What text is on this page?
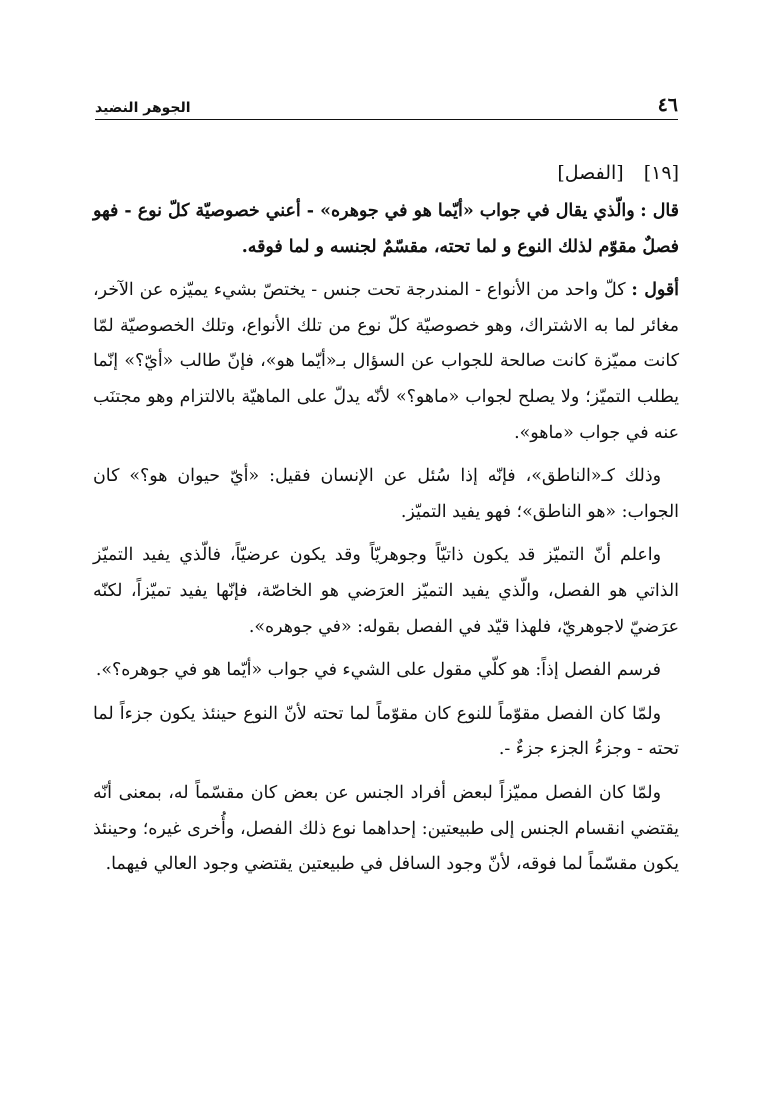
٤٦
الجوهر النضيد
[١٩] [الفصل]

قال : والّذي يقال في جواب «أيّما هو في جوهره» - أعني خصوصيّة كلّ نوع - فهو فصلٌ مقوّم لذلك النوع و لما تحته، مقسّمٌ لجنسه و لما فوقه.

أقول : كلّ واحد من الأنواع - المندرجة تحت جنس - يختصّ بشيء يميّزه عن الآخر، مغائر لما به الاشتراك، وهو خصوصيّة كلّ نوع من تلك الأنواع، وتلك الخصوصيّة لمّا كانت مميّزة كانت صالحة للجواب عن السؤال بـ«أيّما هو»، فإنّ طالب «أيّ؟» إنّما يطلب التميّز؛ ولا يصلح لجواب «ماهو؟» لأنّه يدلّ على الماهيّة بالالتزام وهو مجتنَب عنه في جواب «ماهو».

وذلك كـ«الناطق»، فإنّه إذا سُئل عن الإنسان فقيل: «أيّ حيوان هو؟» كان الجواب: «هو الناطق»؛ فهو يفيد التميّز.

واعلم أنّ التميّز قد يكون ذاتيّاً وجوهريّاً وقد يكون عرضيّاً، فالّذي يفيد التميّز الذاتي هو الفصل، والّذي يفيد التميّز العرَضي هو الخاصّة، فإنّها يفيد تميّزاً، لكنّه عرَضيّ لاجوهريّ، فلهذا قيّد في الفصل بقوله: «في جوهره».

فرسم الفصل إذاً: هو كلّي مقول على الشيء في جواب «أيّما هو في جوهره؟».

ولمّا كان الفصل مقوّماً للنوع كان مقوّماً لما تحته لأنّ النوع حينئذ يكون جزءاً لما تحته - وجزءُ الجزء جزءٌ -.

ولمّا كان الفصل مميّزاً لبعض أفراد الجنس عن بعض كان مقسّماً له، بمعنى أنّه يقتضي انقسام الجنس إلى طبيعتين: إحداهما نوع ذلك الفصل، وأُخرى غيره؛ وحينئذ يكون مقسّماً لما فوقه، لأنّ وجود السافل في طبيعتين يقتضي وجود العالي فيهما.
